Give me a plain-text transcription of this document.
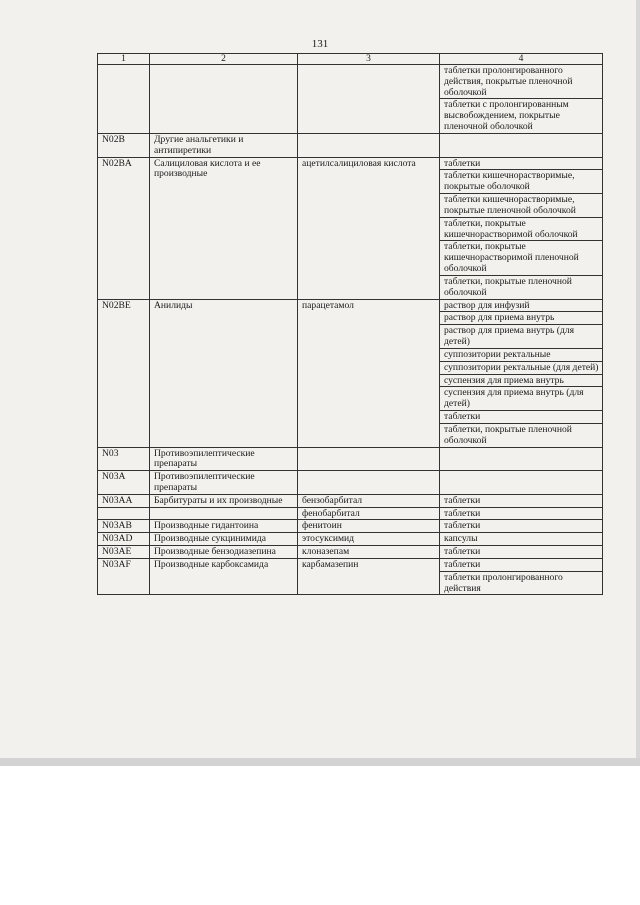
131
1	2	3	4
			таблетки пролонгированного действия, покрытые пленочной оболочкой
			таблетки с пролонгированным высвобождением, покрытые пленочной оболочкой
N02B	Другие анальгетики и антипиретики		
N02BA	Салициловая кислота и ее производные	ацетилсалициловая кислота	таблетки
			таблетки кишечнорастворимые, покрытые оболочкой
			таблетки кишечнорастворимые, покрытые пленочной оболочкой
			таблетки, покрытые кишечнорастворимой оболочкой
			таблетки, покрытые кишечнорастворимой пленочной оболочкой
			таблетки, покрытые пленочной оболочкой
N02BE	Анилиды	парацетамол	раствор для инфузий
			раствор для приема внутрь
			раствор для приема внутрь (для детей)
			суппозитории ректальные
			суппозитории ректальные (для детей)
			суспензия для приема внутрь
			суспензия для приема внутрь (для детей)
			таблетки
			таблетки, покрытые пленочной оболочкой
N03	Противоэпилептические препараты		
N03A	Противоэпилептические препараты		
N03AA	Барбитураты и их производные	бензобарбитал	таблетки
		фенобарбитал	таблетки
N03AB	Производные гидантоина	фенитоин	таблетки
N03AD	Производные сукцинимида	этосуксимид	капсулы
N03AE	Производные бензодиазепина	клоназепам	таблетки
N03AF	Производные карбоксамида	карбамазепин	таблетки
			таблетки пролонгированного действия
